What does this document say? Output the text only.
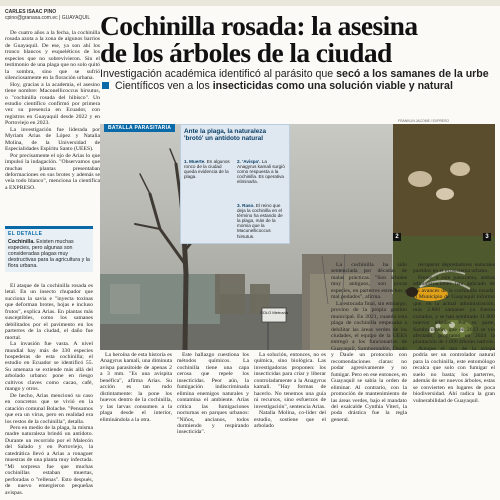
CARLES ISAAC PINO
cpino@granasa.com.ec | GUAYAQUIL Cochinilla rosada: la asesina
de los árboles de la ciudad
Investigación académica identificó al parásito que secó a los samanes de la urbe  Científicos ven a los insecticidas como una solución viable y natural
FRANKLIN JACOME / EXPRESO

De cuatro años a la fecha, la cochinilla rosada azota a la zona de algunos barrios de Guayaquil. De ese, ya son ahí los tronco blancos y esqueléticos de los especies que no sobrevivieron. Sin el testimonio de una plaga que no solo quitó la sombra, sino que se sufrió silenciosamente en la floración urbana.

Hoy, gracias a la academia, el asesino tiene nombre: Maconellicoccus hirsutus, o "cochinilla rosada del hibisco". Un estudio científico confirmó por primera vez su presencia en Ecuador, con registros en Guayaquil desde 2022 y en Portoviejo en 2023.

La investigación fue liderada por Myriam Arias de López y Natalia Molina, de la Universidad de Especialidades Espíritu Santo (UEES).

Por precisamente el ojo de Arias lo que impulsó la indagación. "Observamos que muchas plantas presentaban deformaciones en sus brotes y además se veía todo blanco", menciona la científica a EXPRESO.

EL DETALLE
Cochinilla. Existen muchas especies, pero algunas son consideradas plagas muy destructivas para la agricultura y la flora urbana.

El ataque de la cochinilla rosada es letal. En un insecto chupador que succiona la savia e "inyecta toxinas que deforman brotes, hojas e incluso frutos", explica Arias. En plantas más susceptibles, como los samanes debilitados por el pavimento en los parterres de la ciudad, el daño fue mortal.

La invasión fue vasta. A nivel mundial hay más de 330 especies hospederas de esta cochinilla; el estudio en Ecuador se identificó 55. Su amenaza se extiende más allá del arbolado urbano: pone en riesgo cultivos claves como cacao, café, mango y otros.

De hecho, Arias mencionó su caso en concretos que se vivió en la catación comunal Bolache. "Pensamos que era un virus, pero en realidad era los restos de la cochinilla", detalla.

Pero en medio de la plaga, la misma madre naturaleza brindó un antídoto. Durante un recorrido por el Malecón del Salado y en Portoviejo, la catedrática llevó a Arias a ronaguer muestras de una planta muy infectada. "Mi sorpresa fue que muchas cochinillas estaban muertas, perforadas o "rellenas". Esto después, de nuevo emergieron pequeñas avispas.

SOLO Metrovía
BATALLA PARASITARIA
2	3
Ante la plaga, la naturaleza 'brotó' un antídoto natural
1. Muerte. En algunos ronco de la ciudad queda evidencia de la plaga.
2. 'Avispa'. La Anagyrus kamali surgió como respuesta a la cochinilla. Es operativa eliminarla.
3. Raso. El reino que deja la cochinilla en el término ha estando de la plaga, más de la momia que la Macunellicoccus hirsutus.

La heroína de esta historia es Anagyrus kamali, una diminuta avispa parasitoide de apenas 2 a 3 mm. "Es una avispita benéfica", afirma Arias. Su acción es tan rudo distintamente: la pone los huevos dentro de la cochinilla, y las larvas consumen a la plaga desde el interior, eliminándola a la otra.

Este hallazgo cuestiona los métodos químicos. La cochinilla tiene una capa cerosa que repele los insecticidas. Peor aún, la fumigación indiscriminada elimina enemigos naturales y contamina el ambiente. Arias critica las fumigaciones nocturnas en parques urbanos: "Niños, ancianos, todos durmiendo y respirando insecticida".

La solución, entonces, no es química, sino biológica. Las investigadoras proponen: los insecticidas para criar y liberar controladamente a la Anagyrus kamali. "Hay formas de hacerlo. No tenemos una guía ni recursos, sino esfuerzos de investigación", sentencia Arias.

Natalia Molina, co-líder del estudio, sostiene que el arbolado

La cochinilla ha sido sentenciada por décadas de malas prácticas. "Son árboles muy antiguos, son pocas especies, en parterres estrechos y mal podados", afirma.

La estocada final, sin embargo, provino de la propia gestión municipal. En 2021, cuando esta plaga de cochinilla empezaba a debilitar las áreas verdes de las ciudades, el equipo de la UEES entregó a los funcionarios de Guayaquil, Samborondón, Durán y Daule un protocolo con recomendaciones claras: no podar agresivamente y no fumigar. Pero en ese entonces, en Guayaquil se sabía la orden de eliminar. Al contrario, con la promoción de mantenimiento de las áreas verdes, bajo el mandato del exalcalde Cynthia Viteri, la poda drástica fue la regla general.

recuperar depredadores naturales partidos en el ecosistema urbano.

Frente a este panorama, ambas administraciones han aplicado de los avances de la cochinilla rosada: el Municipio de Guayaquil informó que, en la actual administración, más 2.800 samanes ya fueron cortados, y se han sembrado 11.000 nuevos árboles. Por su parte, Samborondón, que en 2023 se vio afectado, programó en 2024 la plantación de 1.000 árboles nativos.

Aunque el uso de la avispa podría ser un controlador natural para la cochinilla, este entomólogo recalca que solo con fumigar el suelo no basta; los parterres, además de ser nuevos árboles, estas se convierten en lugares de poca biodiversidad. Ahí radica la gran vulnerabilidad de Guayaquil.
